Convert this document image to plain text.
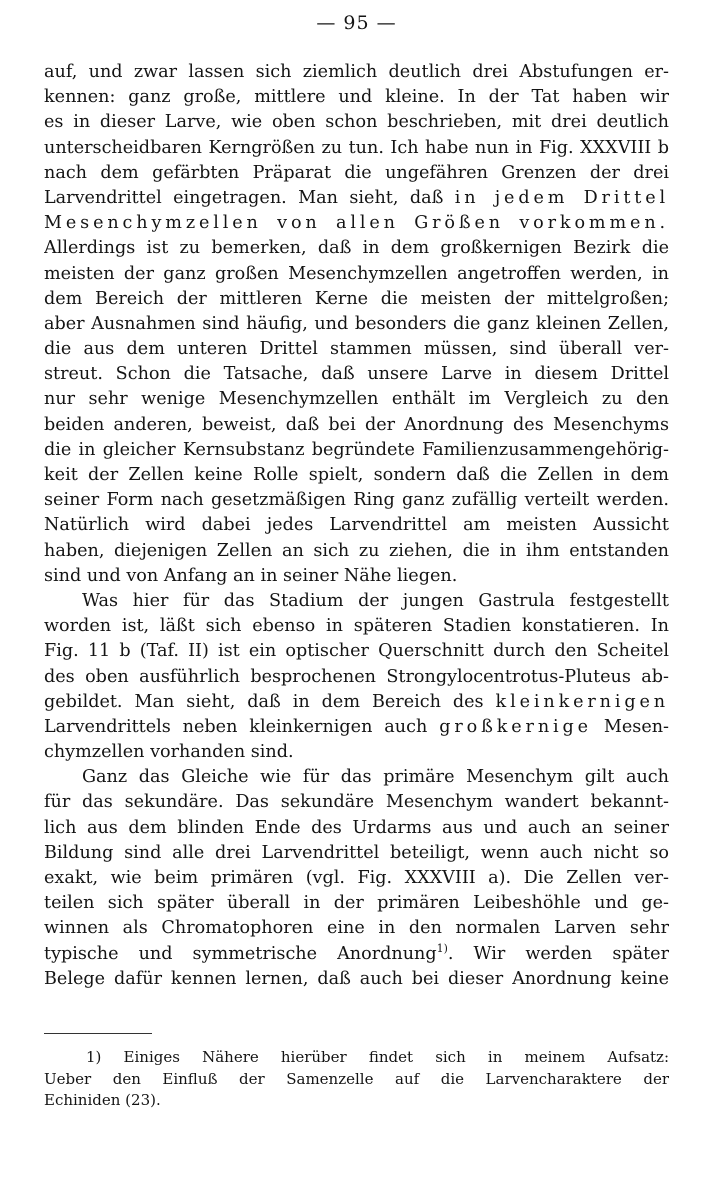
— 95 —
auf, und zwar lassen sich ziemlich deutlich drei Abstufungen er-
kennen: ganz große, mittlere und kleine. In der Tat haben wir
es in dieser Larve, wie oben schon beschrieben, mit drei deutlich
unterscheidbaren Kerngrößen zu tun. Ich habe nun in Fig. XXXVIII b
nach dem gefärbten Präparat die ungefähren Grenzen der drei
Larvendrittel eingetragen. Man sieht, daß in jedem Drittel
Mesenchymzellen von allen Größen vorkommen.
Allerdings ist zu bemerken, daß in dem großkernigen Bezirk die
meisten der ganz großen Mesenchymzellen angetroffen werden, in
dem Bereich der mittleren Kerne die meisten der mittelgroßen;
aber Ausnahmen sind häufig, und besonders die ganz kleinen Zellen,
die aus dem unteren Drittel stammen müssen, sind überall ver-
streut. Schon die Tatsache, daß unsere Larve in diesem Drittel
nur sehr wenige Mesenchymzellen enthält im Vergleich zu den
beiden anderen, beweist, daß bei der Anordnung des Mesenchyms
die in gleicher Kernsubstanz begründete Familienzusammengehörig-
keit der Zellen keine Rolle spielt, sondern daß die Zellen in dem
seiner Form nach gesetzmäßigen Ring ganz zufällig verteilt werden.
Natürlich wird dabei jedes Larvendrittel am meisten Aussicht
haben, diejenigen Zellen an sich zu ziehen, die in ihm entstanden
sind und von Anfang an in seiner Nähe liegen.
Was hier für das Stadium der jungen Gastrula festgestellt
worden ist, läßt sich ebenso in späteren Stadien konstatieren. In
Fig. 11 b (Taf. II) ist ein optischer Querschnitt durch den Scheitel
des oben ausführlich besprochenen Strongylocentrotus-Pluteus ab-
gebildet. Man sieht, daß in dem Bereich des kleinkernigen
Larvendrittels neben kleinkernigen auch großkernige Mesen-
chymzellen vorhanden sind.
Ganz das Gleiche wie für das primäre Mesenchym gilt auch
für das sekundäre. Das sekundäre Mesenchym wandert bekannt-
lich aus dem blinden Ende des Urdarms aus und auch an seiner
Bildung sind alle drei Larvendrittel beteiligt, wenn auch nicht so
exakt, wie beim primären (vgl. Fig. XXXVIII a). Die Zellen ver-
teilen sich später überall in der primären Leibeshöhle und ge-
winnen als Chromatophoren eine in den normalen Larven sehr
typische und symmetrische Anordnung$^{1)}$. Wir werden später
Belege dafür kennen lernen, daß auch bei dieser Anordnung keine
1) Einiges Nähere hierüber findet sich in meinem Aufsatz:
Ueber den Einfluß der Samenzelle auf die Larvencharaktere der
Echiniden (23).
